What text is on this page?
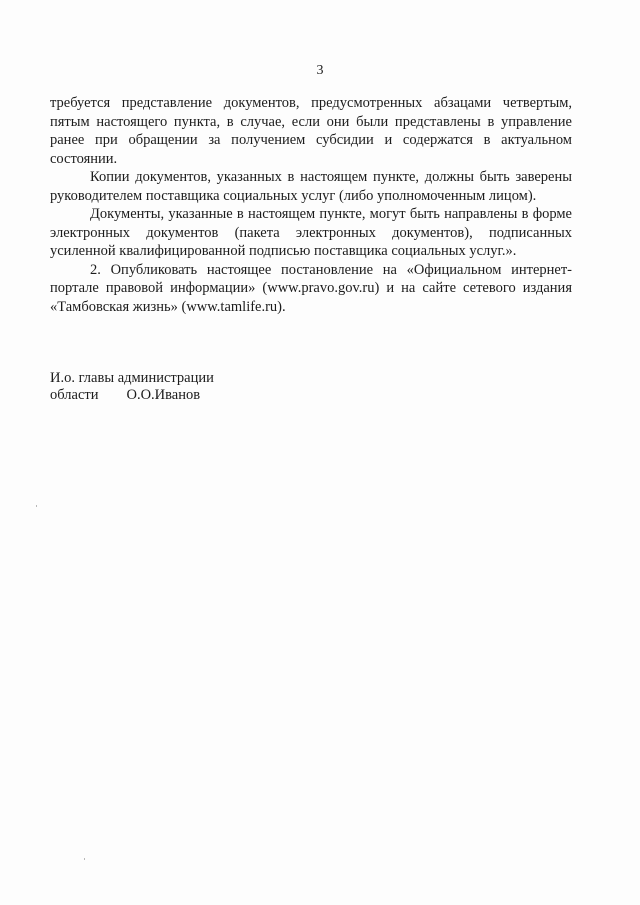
3

требуется представление документов, предусмотренных абзацами четвертым, пятым настоящего пункта, в случае, если они были представлены в управление ранее при обращении за получением субсидии и содержатся в актуальном состоянии.

Копии документов, указанных в настоящем пункте, должны быть заверены руководителем поставщика социальных услуг (либо уполномоченным лицом).

Документы, указанные в настоящем пункте, могут быть направлены в форме электронных документов (пакета электронных документов), подписанных усиленной квалифицированной подписью поставщика социальных услуг.».

2. Опубликовать настоящее постановление на «Официальном интернет-портале правовой информации» (www.pravo.gov.ru) и на сайте сетевого издания «Тамбовская жизнь» (www.tamlife.ru).

И.о. главы администрации
области О.О.Иванов
